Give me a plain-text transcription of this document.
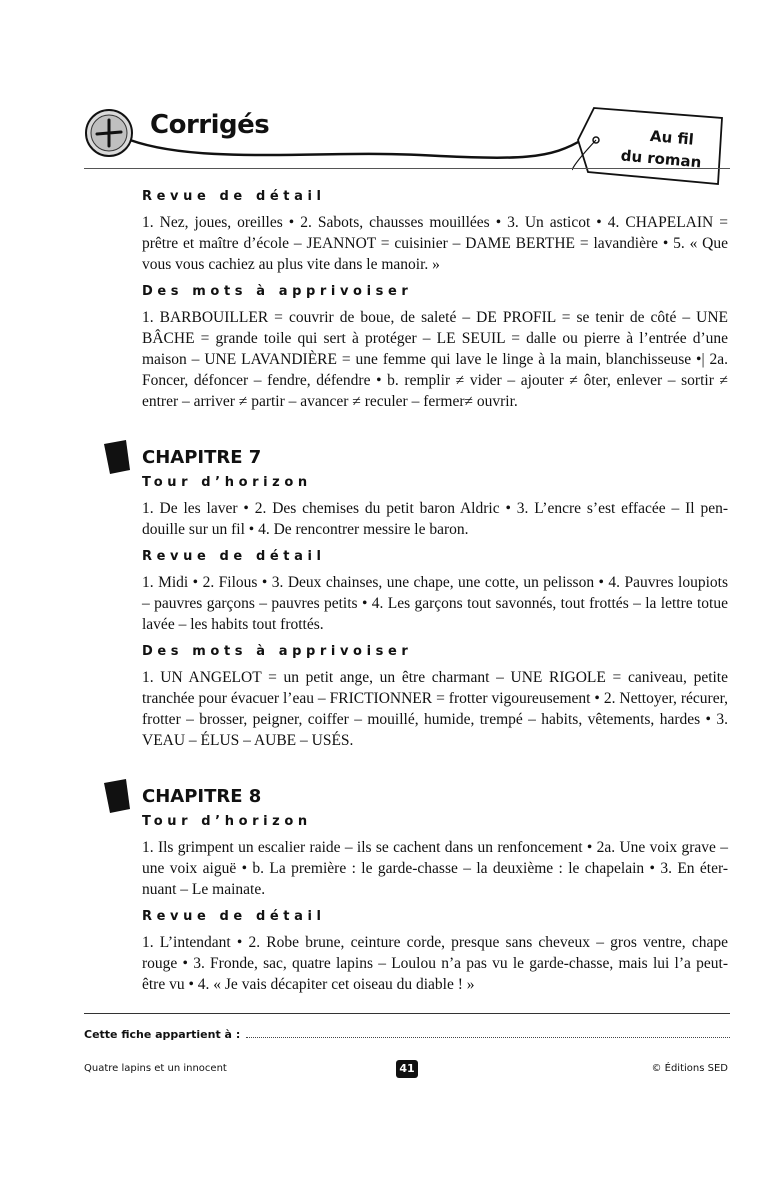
Corrigés	Au fil
du roman
Revue de détail
1. Nez, joues, oreilles • 2. Sabots, chausses mouillées • 3. Un asticot • 4. CHAPELAIN = prêtre et maître d’école – JEANNOT = cuisinier – DAME BERTHE = lavandière • 5. « Que vous vous cachiez au plus vite dans le manoir. »
Des mots à apprivoiser
1. BARBOUILLER = couvrir de boue, de saleté – DE PROFIL = se tenir de côté – UNE BÂCHE = grande toile qui sert à protéger – LE SEUIL = dalle ou pierre à l’entrée d’une maison – UNE LAVANDIÈRE = une femme qui lave le linge à la main, blanchisseuse •| 2a. Foncer, défoncer – fendre, défendre • b. remplir ≠ vider – ajouter ≠ ôter, enlever – sortir ≠ entrer – arriver ≠ partir – avancer ≠ reculer – fermer≠ ouvrir.
CHAPITRE 7
Tour d’horizon
1. De les laver • 2. Des chemises du petit baron Aldric • 3. L’encre s’est effacée – Il pen-douille sur un fil • 4. De rencontrer messire le baron.
Revue de détail
1. Midi • 2. Filous • 3. Deux chainses, une chape, une cotte, un pelisson • 4. Pauvres loupiots – pauvres garçons – pauvres petits • 4. Les garçons tout savonnés, tout frottés – la lettre totue lavée – les habits tout frottés.
Des mots à apprivoiser
1. UN ANGELOT = un petit ange, un être charmant – UNE RIGOLE = caniveau, petite tranchée pour évacuer l’eau – FRICTIONNER = frotter vigoureusement • 2. Nettoyer, récurer, frotter – brosser, peigner, coiffer – mouillé, humide, trempé – habits, vêtements, hardes • 3. VEAU – ÉLUS – AUBE – USÉS.
CHAPITRE 8
Tour d’horizon
1. Ils grimpent un escalier raide – ils se cachent dans un renfoncement • 2a. Une voix grave – une voix aiguë • b. La première : le garde-chasse – la deuxième : le chapelain • 3. En éter-nuant – Le mainate.
Revue de détail
1. L’intendant • 2. Robe brune, ceinture corde, presque sans cheveux – gros ventre, chape rouge • 3. Fronde, sac, quatre lapins – Loulou n’a pas vu le garde-chasse, mais lui l’a peut-être vu • 4. « Je vais décapiter cet oiseau du diable ! »
Cette fiche appartient à :
Quatre lapins et un innocent	41	© Éditions SED
